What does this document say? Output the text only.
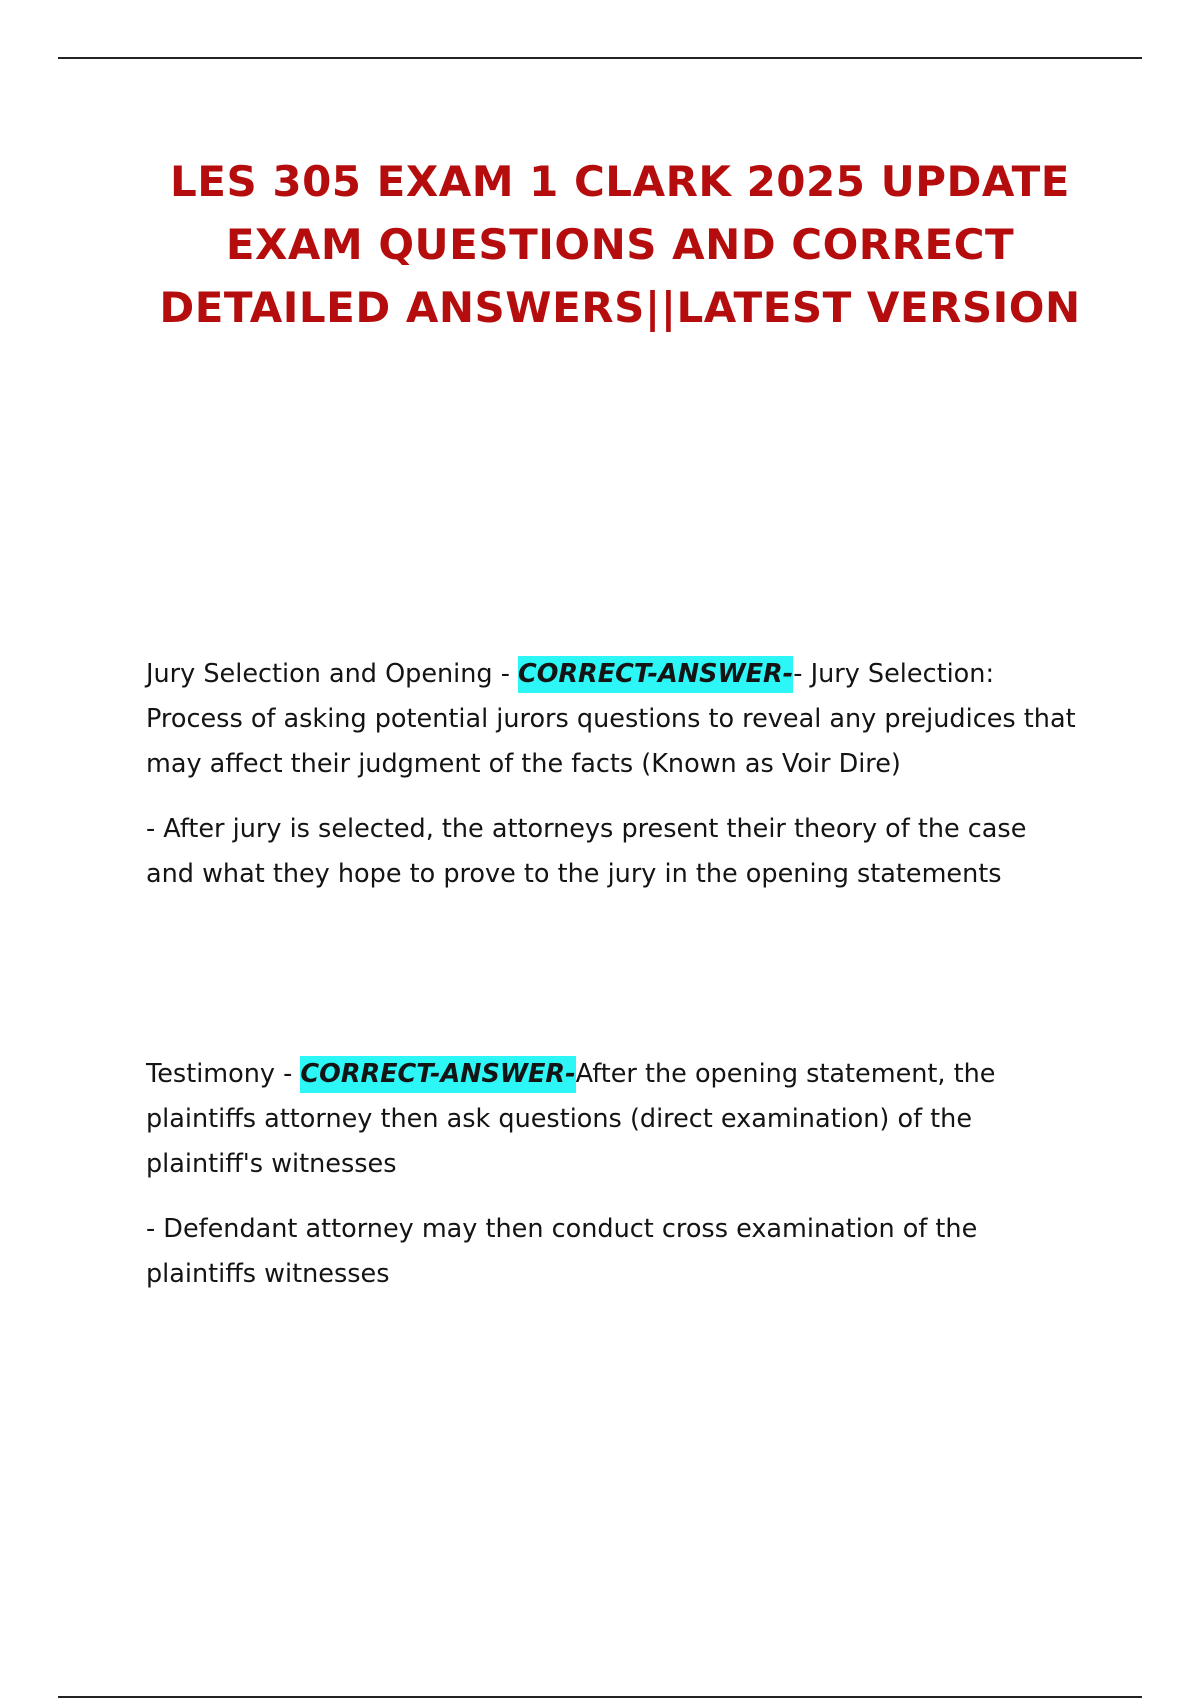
LES 305 EXAM 1 CLARK 2025 UPDATE EXAM QUESTIONS AND CORRECT DETAILED ANSWERS||LATEST VERSION

Jury Selection and Opening - CORRECT-ANSWER-- Jury Selection: Process of asking potential jurors questions to reveal any prejudices that may affect their judgment of the facts (Known as Voir Dire)

- After jury is selected, the attorneys present their theory of the case and what they hope to prove to the jury in the opening statements

Testimony - CORRECT-ANSWER-After the opening statement, the plaintiffs attorney then ask questions (direct examination) of the plaintiff's witnesses

- Defendant attorney may then conduct cross examination of the plaintiffs witnesses
